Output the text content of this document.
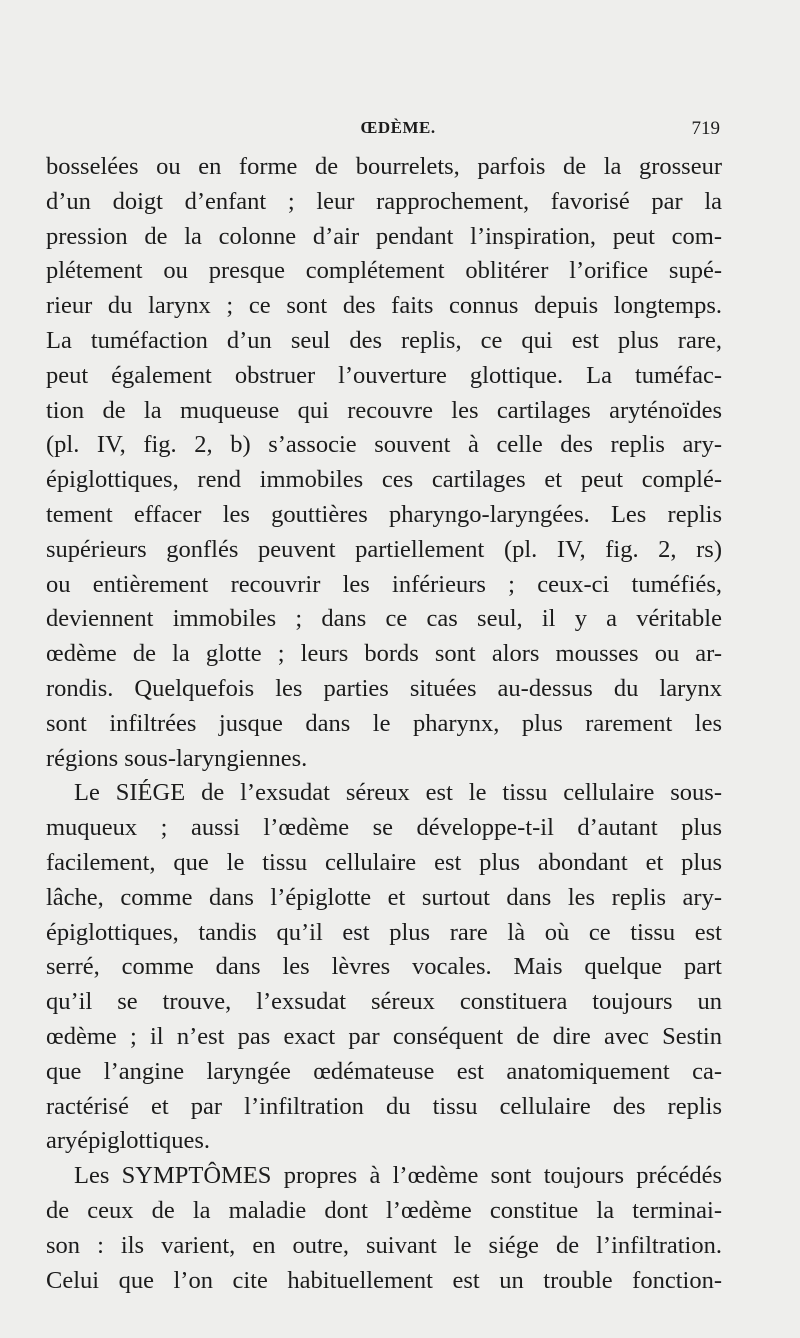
ŒDÈME.	719

bosselées ou en forme de bourrelets, parfois de la grosseur
d’un doigt d’enfant ; leur rapprochement, favorisé par la
pression de la colonne d’air pendant l’inspiration, peut com-
plétement ou presque complétement oblitérer l’orifice supé-
rieur du larynx ; ce sont des faits connus depuis longtemps.
La tuméfaction d’un seul des replis, ce qui est plus rare,
peut également obstruer l’ouverture glottique. La tuméfac-
tion de la muqueuse qui recouvre les cartilages aryténoïdes
(pl. IV, fig. 2, b) s’associe souvent à celle des replis ary-
épiglottiques, rend immobiles ces cartilages et peut complé-
tement effacer les gouttières pharyngo-laryngées. Les replis
supérieurs gonflés peuvent partiellement (pl. IV, fig. 2, rs)
ou entièrement recouvrir les inférieurs ; ceux-ci tuméfiés,
deviennent immobiles ; dans ce cas seul, il y a véritable
œdème de la glotte ; leurs bords sont alors mousses ou ar-
rondis. Quelquefois les parties situées au-dessus du larynx
sont infiltrées jusque dans le pharynx, plus rarement les
régions sous-laryngiennes.

Le SIÉGE de l’exsudat séreux est le tissu cellulaire sous-
muqueux ; aussi l’œdème se développe-t-il d’autant plus
facilement, que le tissu cellulaire est plus abondant et plus
lâche, comme dans l’épiglotte et surtout dans les replis ary-
épiglottiques, tandis qu’il est plus rare là où ce tissu est
serré, comme dans les lèvres vocales. Mais quelque part
qu’il se trouve, l’exsudat séreux constituera toujours un
œdème ; il n’est pas exact par conséquent de dire avec Sestin
que l’angine laryngée œdémateuse est anatomiquement ca-
ractérisé et par l’infiltration du tissu cellulaire des replis
aryépiglottiques.

Les SYMPTÔMES propres à l’œdème sont toujours précédés
de ceux de la maladie dont l’œdème constitue la terminai-
son : ils varient, en outre, suivant le siége de l’infiltration.
Celui que l’on cite habituellement est un trouble fonction-
